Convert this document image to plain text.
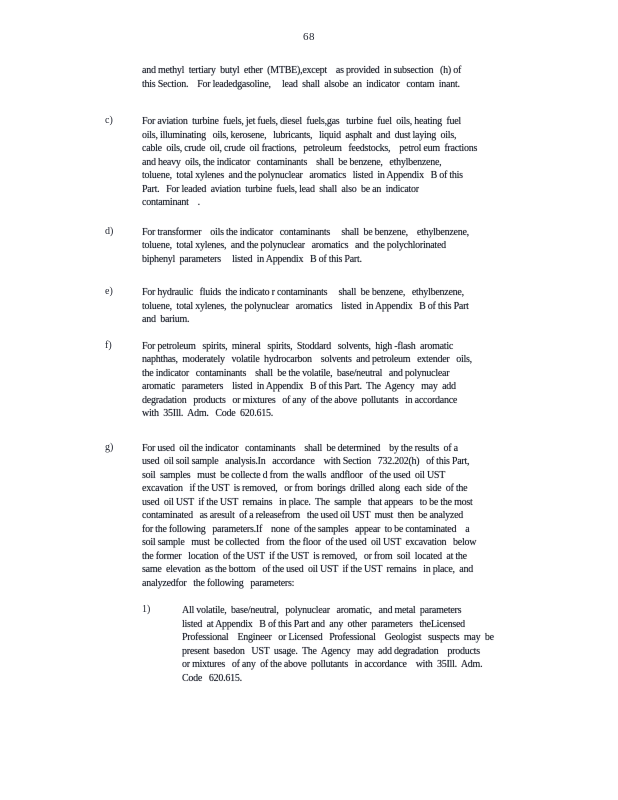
68
and methyl  tertiary  butyl  ether  (MTBE),except    as provided  in subsection   (h) of
this Section.    For leadedgasoline,     lead  shall  alsobe  an  indicator   contam  inant.
c)	For aviation  turbine  fuels, jet fuels, diesel  fuels,gas   turbine  fuel  oils, heating  fuel
oils, illuminating   oils, kerosene,   lubricants,   liquid  asphalt  and  dust laying  oils,
cable  oils, crude  oil, crude  oil fractions,   petroleum   feedstocks,    petrol eum  fractions
and heavy  oils, the indicator   contaminants    shall  be benzene,   ethylbenzene,
toluene,  total xylenes  and the polynuclear   aromatics   listed  in Appendix   B of this
Part.   For leaded  aviation  turbine  fuels, lead  shall  also  be an  indicator
contaminant    .
d)	For transformer    oils the indicator   contaminants     shall  be benzene,    ethylbenzene,
toluene,  total xylenes,  and the polynuclear   aromatics   and  the polychlorinated
biphenyl  parameters     listed  in Appendix   B of this Part.
e)	For hydraulic   fluids  the indicato r contaminants     shall  be benzene,   ethylbenzene,
toluene,  total xylenes,  the polynuclear   aromatics    listed  in Appendix   B of this Part
and  barium.
f)	For petroleum   spirits,  mineral   spirits,  Stoddard   solvents,  high -flash  aromatic
naphthas,  moderately   volatile  hydrocarbon    solvents  and petroleum   extender   oils,
the indicator   contaminants    shall  be the volatile,  base/neutral   and polynuclear
aromatic   parameters    listed  in Appendix   B of this Part.  The  Agency   may  add
degradation   products   or mixtures   of any  of the above  pollutants   in accordance
with  35Ill.  Adm.   Code  620.615.
g)	For used  oil the indicator   contaminants    shall  be determined    by the results  of a
used  oil soil sample   analysis.In   accordance    with Section   732.202(h)   of this Part,
soil  samples   must  be collecte d from  the walls  andfloor   of the used  oil UST
excavation   if the UST  is removed,   or from  borings  drilled  along  each  side  of the
used  oil UST  if the UST  remains   in place.  The  sample   that appears   to be the most
contaminated   as aresult  of a releasefrom   the used oil UST  must  then  be analyzed
for the following   parameters.If    none  of the samples   appear  to be contaminated    a
soil sample   must  be collected   from  the floor  of the used  oil UST  excavation   below
the former   location  of the UST  if the UST  is removed,   or from  soil  located  at the
same  elevation  as the bottom   of the used  oil UST  if the UST  remains   in place,  and
analyzedfor   the following   parameters:
1)	All volatile,  base/neutral,   polynuclear   aromatic,   and metal  parameters
listed  at Appendix   B of this Part and  any  other  parameters   theLicensed
Professional    Engineer   or Licensed   Professional    Geologist   suspects  may  be
present  basedon   UST  usage.  The  Agency   may  add degradation    products
or mixtures   of any  of the above  pollutants   in accordance    with  35Ill.  Adm.
Code   620.615.
